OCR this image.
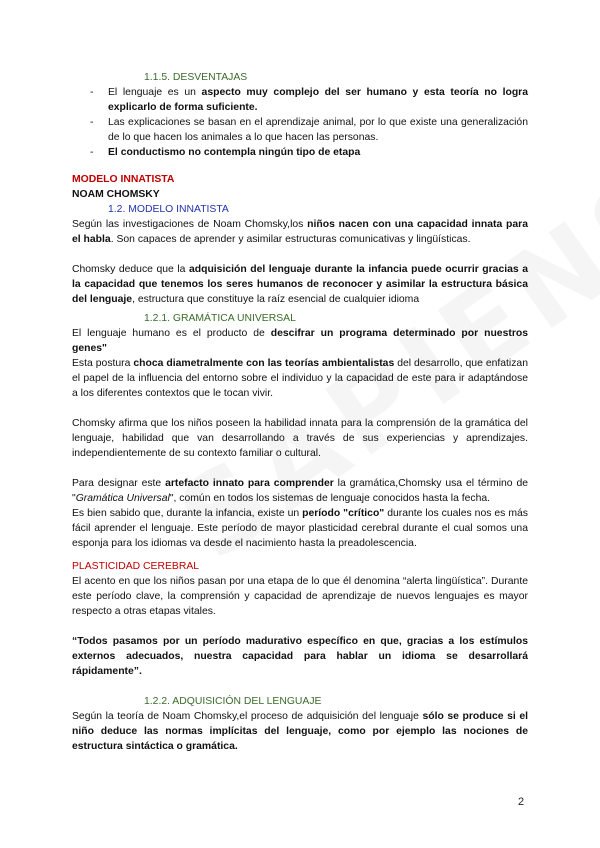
1.1.5. DESVENTAJAS
- El lenguaje es un aspecto muy complejo del ser humano y esta teoría no logra explicarlo de forma suficiente.
- Las explicaciones se basan en el aprendizaje animal, por lo que existe una generalización de lo que hacen los animales a lo que hacen las personas.
- El conductismo no contempla ningún tipo de etapa
MODELO INNATISTA
NOAM CHOMSKY
1.2. MODELO INNATISTA
Según las investigaciones de Noam Chomsky,los niños nacen con una capacidad innata para el habla. Son capaces de aprender y asimilar estructuras comunicativas y lingüísticas.
Chomsky deduce que la adquisición del lenguaje durante la infancia puede ocurrir gracias a la capacidad que tenemos los seres humanos de reconocer y asimilar la estructura básica del lenguaje, estructura que constituye la raíz esencial de cualquier idioma
1.2.1. GRAMÁTICA UNIVERSAL
El lenguaje humano es el producto de descifrar un programa determinado por nuestros genes"
Esta postura choca diametralmente con las teorías ambientalistas del desarrollo, que enfatizan el papel de la influencia del entorno sobre el individuo y la capacidad de este para ir adaptándose a los diferentes contextos que le tocan vivir.
Chomsky afirma que los niños poseen la habilidad innata para la comprensión de la gramática del lenguaje, habilidad que van desarrollando a través de sus experiencias y aprendizajes. independientemente de su contexto familiar o cultural.
Para designar este artefacto innato para comprender la gramática,Chomsky usa el término de "Gramática Universal", común en todos los sistemas de lenguaje conocidos hasta la fecha.
Es bien sabido que, durante la infancia, existe un período "crítico" durante los cuales nos es más fácil aprender el lenguaje. Este período de mayor plasticidad cerebral durante el cual somos una esponja para los idiomas va desde el nacimiento hasta la preadolescencia.
PLASTICIDAD CEREBRAL
El acento en que los niños pasan por una etapa de lo que él denomina “alerta lingüística”. Durante este período clave, la comprensión y capacidad de aprendizaje de nuevos lenguajes es mayor respecto a otras etapas vitales.
“Todos pasamos por un período madurativo específico en que, gracias a los estímulos externos adecuados, nuestra capacidad para hablar un idioma se desarrollará rápidamente”.
1.2.2. ADQUISICIÓN DEL LENGUAJE
Según la teoría de Noam Chomsky,el proceso de adquisición del lenguaje sólo se produce si el niño deduce las normas implícitas del lenguaje, como por ejemplo las nociones de estructura sintáctica o gramática.
2
